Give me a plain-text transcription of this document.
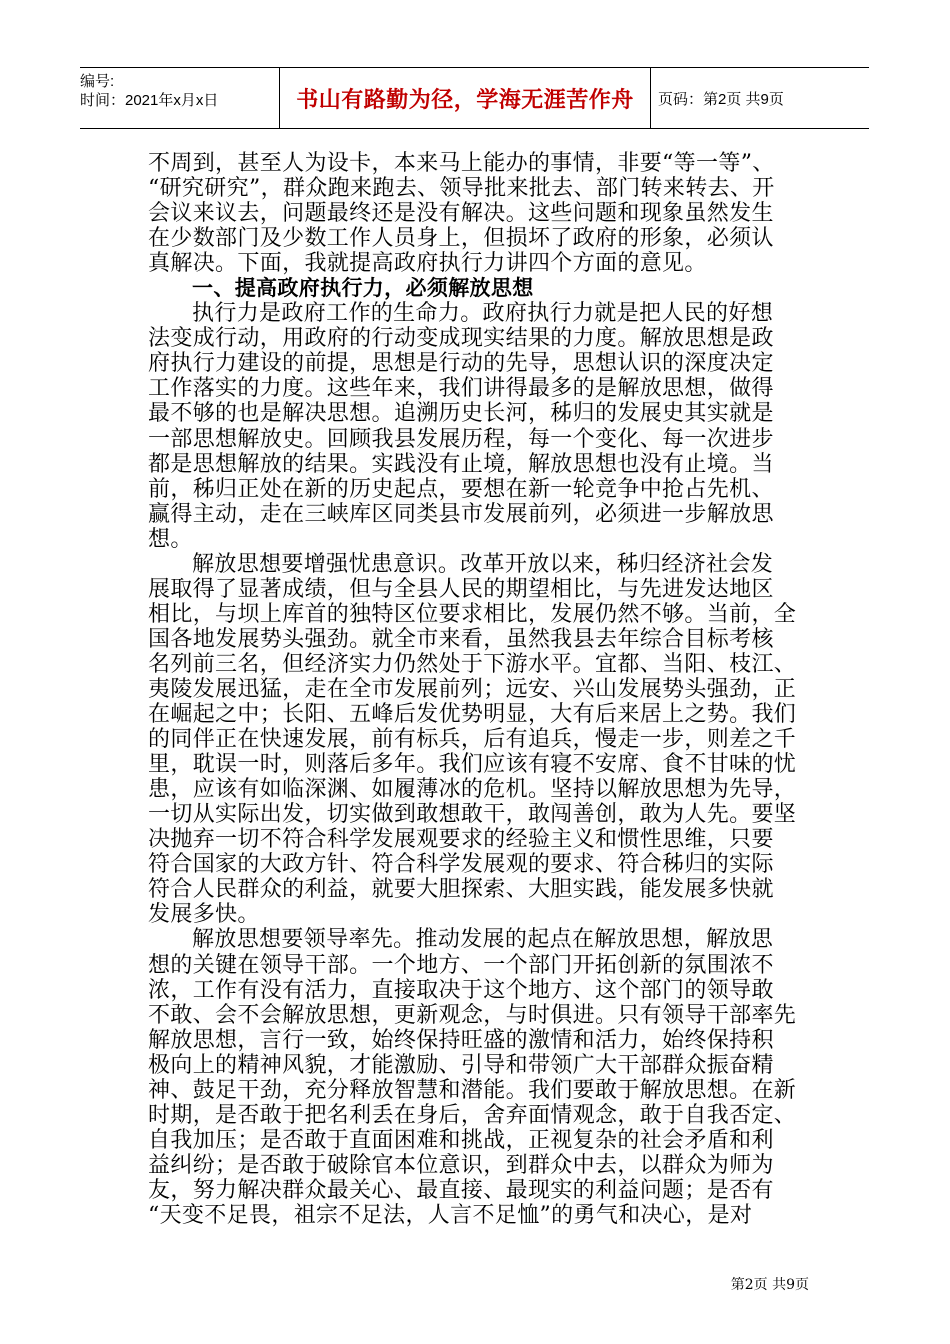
编号:
时间：2021年x月x日	书山有路勤为径，学海无涯苦作舟	页码：第2页 共9页
不周到，甚至人为设卡，本来马上能办的事情，非要“等一等”、
“研究研究”，群众跑来跑去、领导批来批去、部门转来转去、开
会议来议去，问题最终还是没有解决。这些问题和现象虽然发生
在少数部门及少数工作人员身上，但损坏了政府的形象，必须认
真解决。下面，我就提高政府执行力讲四个方面的意见。
一、提高政府执行力，必须解放思想
执行力是政府工作的生命力。政府执行力就是把人民的好想
法变成行动，用政府的行动变成现实结果的力度。解放思想是政
府执行力建设的前提，思想是行动的先导，思想认识的深度决定
工作落实的力度。这些年来，我们讲得最多的是解放思想，做得
最不够的也是解决思想。追溯历史长河，秭归的发展史其实就是
一部思想解放史。回顾我县发展历程，每一个变化、每一次进步
都是思想解放的结果。实践没有止境，解放思想也没有止境。当
前，秭归正处在新的历史起点，要想在新一轮竞争中抢占先机、
赢得主动，走在三峡库区同类县市发展前列，必须进一步解放思
想。
解放思想要增强忧患意识。改革开放以来，秭归经济社会发
展取得了显著成绩，但与全县人民的期望相比，与先进发达地区
相比，与坝上库首的独特区位要求相比，发展仍然不够。当前，全
国各地发展势头强劲。就全市来看，虽然我县去年综合目标考核
名列前三名，但经济实力仍然处于下游水平。宜都、当阳、枝江、
夷陵发展迅猛，走在全市发展前列；远安、兴山发展势头强劲，正
在崛起之中；长阳、五峰后发优势明显，大有后来居上之势。我们
的同伴正在快速发展，前有标兵，后有追兵，慢走一步，则差之千
里，耽误一时，则落后多年。我们应该有寝不安席、食不甘味的忧
患，应该有如临深渊、如履薄冰的危机。坚持以解放思想为先导，
一切从实际出发，切实做到敢想敢干，敢闯善创，敢为人先。要坚
决抛弃一切不符合科学发展观要求的经验主义和惯性思维，只要
符合国家的大政方针、符合科学发展观的要求、符合秭归的实际
符合人民群众的利益，就要大胆探索、大胆实践，能发展多快就
发展多快。
解放思想要领导率先。推动发展的起点在解放思想，解放思
想的关键在领导干部。一个地方、一个部门开拓创新的氛围浓不
浓，工作有没有活力，直接取决于这个地方、这个部门的领导敢
不敢、会不会解放思想，更新观念，与时俱进。只有领导干部率先
解放思想，言行一致，始终保持旺盛的激情和活力，始终保持积
极向上的精神风貌，才能激励、引导和带领广大干部群众振奋精
神、鼓足干劲，充分释放智慧和潜能。我们要敢于解放思想。在新
时期，是否敢于把名利丢在身后，舍弃面情观念，敢于自我否定、
自我加压；是否敢于直面困难和挑战，正视复杂的社会矛盾和利
益纠纷；是否敢于破除官本位意识，到群众中去，以群众为师为
友，努力解决群众最关心、最直接、最现实的利益问题；是否有
“天变不足畏，祖宗不足法，人言不足恤”的勇气和决心，是对
第2页 共9页
